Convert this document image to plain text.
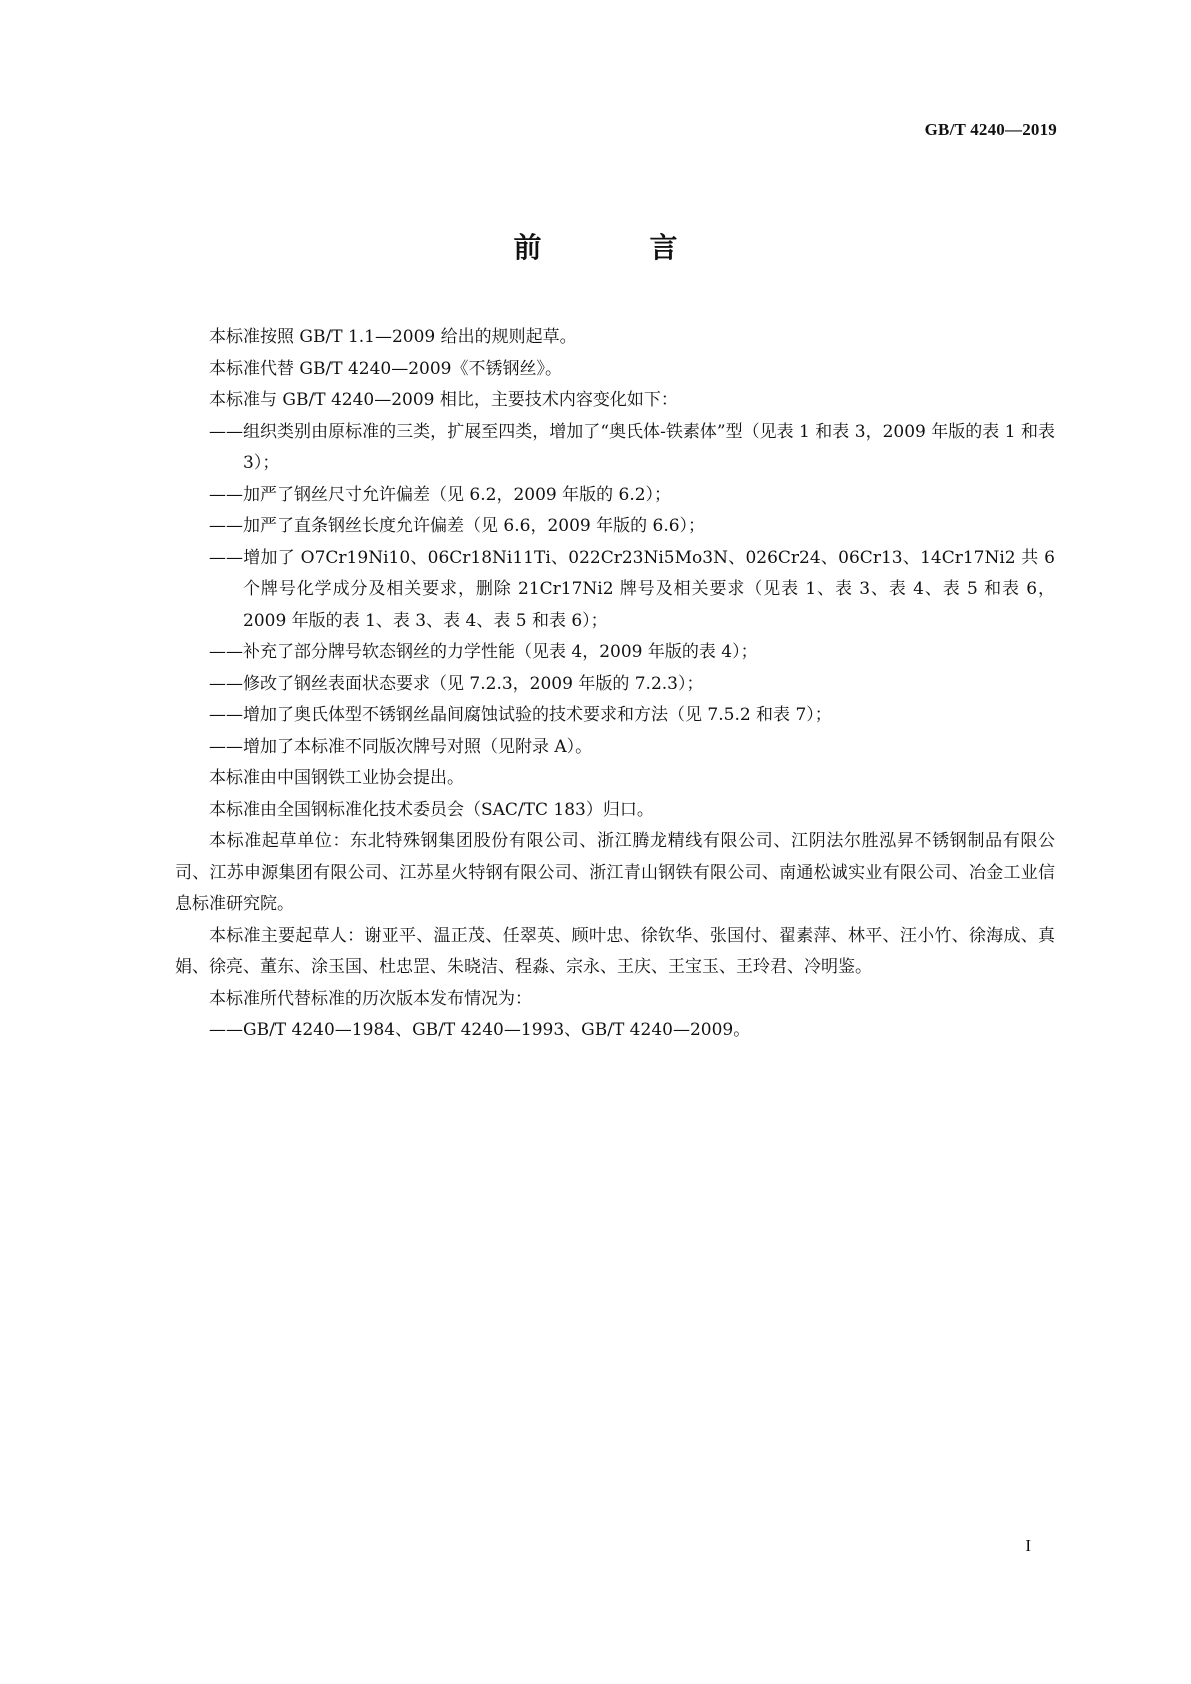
GB/T 4240—2019
前　言

本标准按照 GB/T 1.1—2009 给出的规则起草。

本标准代替 GB/T 4240—2009《不锈钢丝》。

本标准与 GB/T 4240—2009 相比，主要技术内容变化如下：

——组织类别由原标准的三类，扩展至四类，增加了“奥氏体-铁素体”型（见表 1 和表 3，2009 年版的表 1 和表 3）；

——加严了钢丝尺寸允许偏差（见 6.2，2009 年版的 6.2）；

——加严了直条钢丝长度允许偏差（见 6.6，2009 年版的 6.6）；

——增加了 O7Cr19Ni10、06Cr18Ni11Ti、022Cr23Ni5Mo3N、026Cr24、06Cr13、14Cr17Ni2 共 6 个牌号化学成分及相关要求，删除 21Cr17Ni2 牌号及相关要求（见表 1、表 3、表 4、表 5 和表 6，2009 年版的表 1、表 3、表 4、表 5 和表 6）；

——补充了部分牌号软态钢丝的力学性能（见表 4，2009 年版的表 4）；

——修改了钢丝表面状态要求（见 7.2.3，2009 年版的 7.2.3）；

——增加了奥氏体型不锈钢丝晶间腐蚀试验的技术要求和方法（见 7.5.2 和表 7）；

——增加了本标准不同版次牌号对照（见附录 A）。

本标准由中国钢铁工业协会提出。

本标准由全国钢标准化技术委员会（SAC/TC 183）归口。

本标准起草单位：东北特殊钢集团股份有限公司、浙江腾龙精线有限公司、江阴法尔胜泓昇不锈钢制品有限公司、江苏申源集团有限公司、江苏星火特钢有限公司、浙江青山钢铁有限公司、南通松诚实业有限公司、冶金工业信息标准研究院。

本标准主要起草人：谢亚平、温正茂、任翠英、顾叶忠、徐钦华、张国付、翟素萍、林平、汪小竹、徐海成、真娟、徐亮、董东、涂玉国、杜忠罡、朱晓洁、程淼、宗永、王庆、王宝玉、王玲君、冷明鉴。

本标准所代替标准的历次版本发布情况为：

——GB/T 4240—1984、GB/T 4240—1993、GB/T 4240—2009。

I
